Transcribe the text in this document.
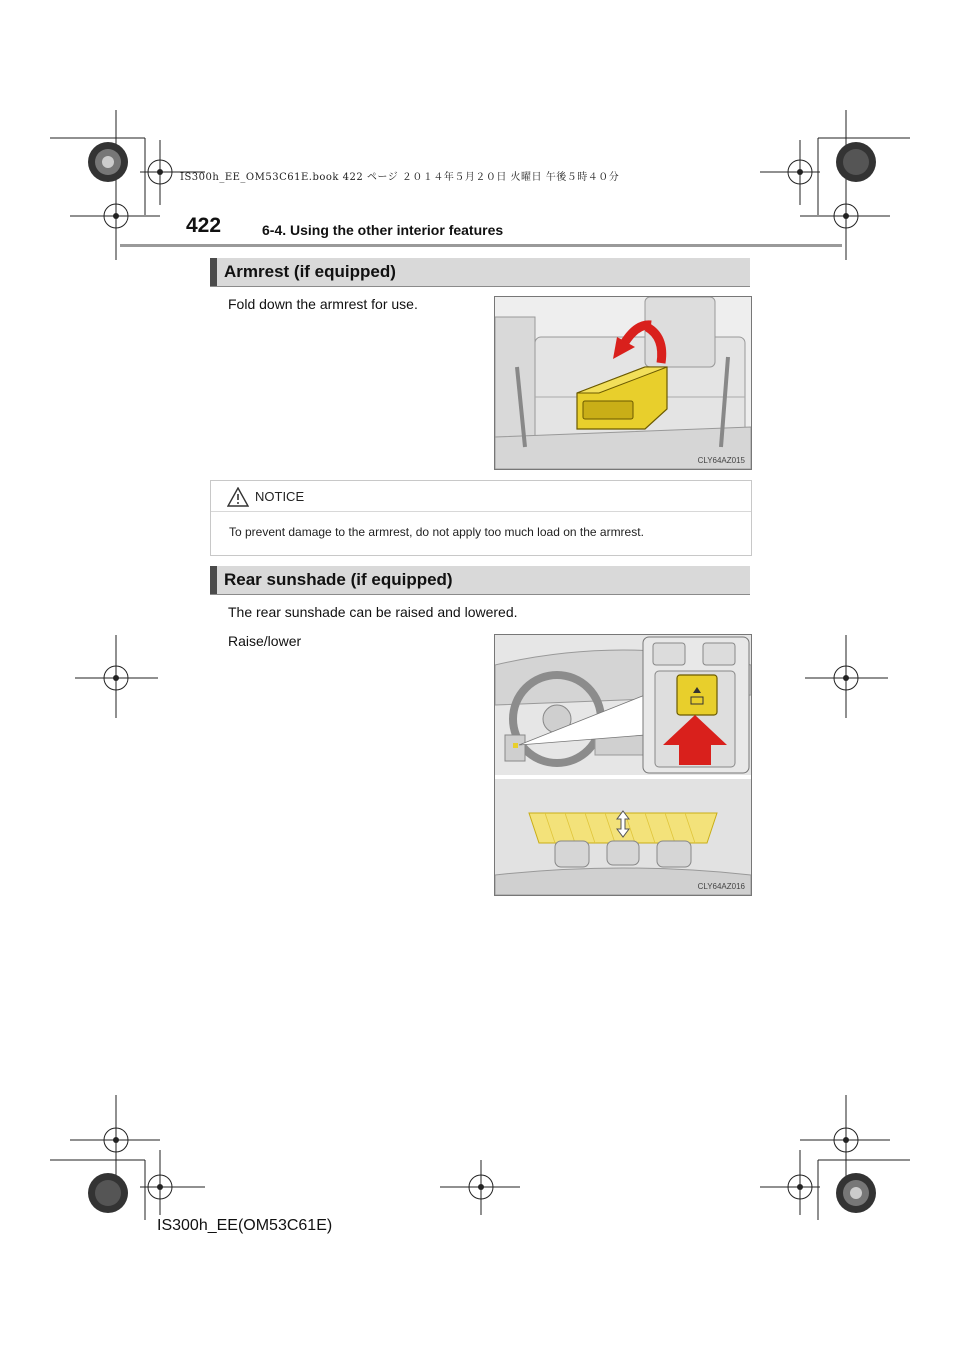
IS300h_EE_OM53C61E.book 422 ページ ２０１４年５月２０日 火曜日 午後５時４０分
422	6-4. Using the other interior features
Armrest (if equipped)
Fold down the armrest for use.
CLY64AZ015
NOTICE
To prevent damage to the armrest, do not apply too much load on the armrest.
Rear sunshade (if equipped)
The rear sunshade can be raised and lowered.
Raise/lower
CLY64AZ016
IS300h_EE(OM53C61E)
